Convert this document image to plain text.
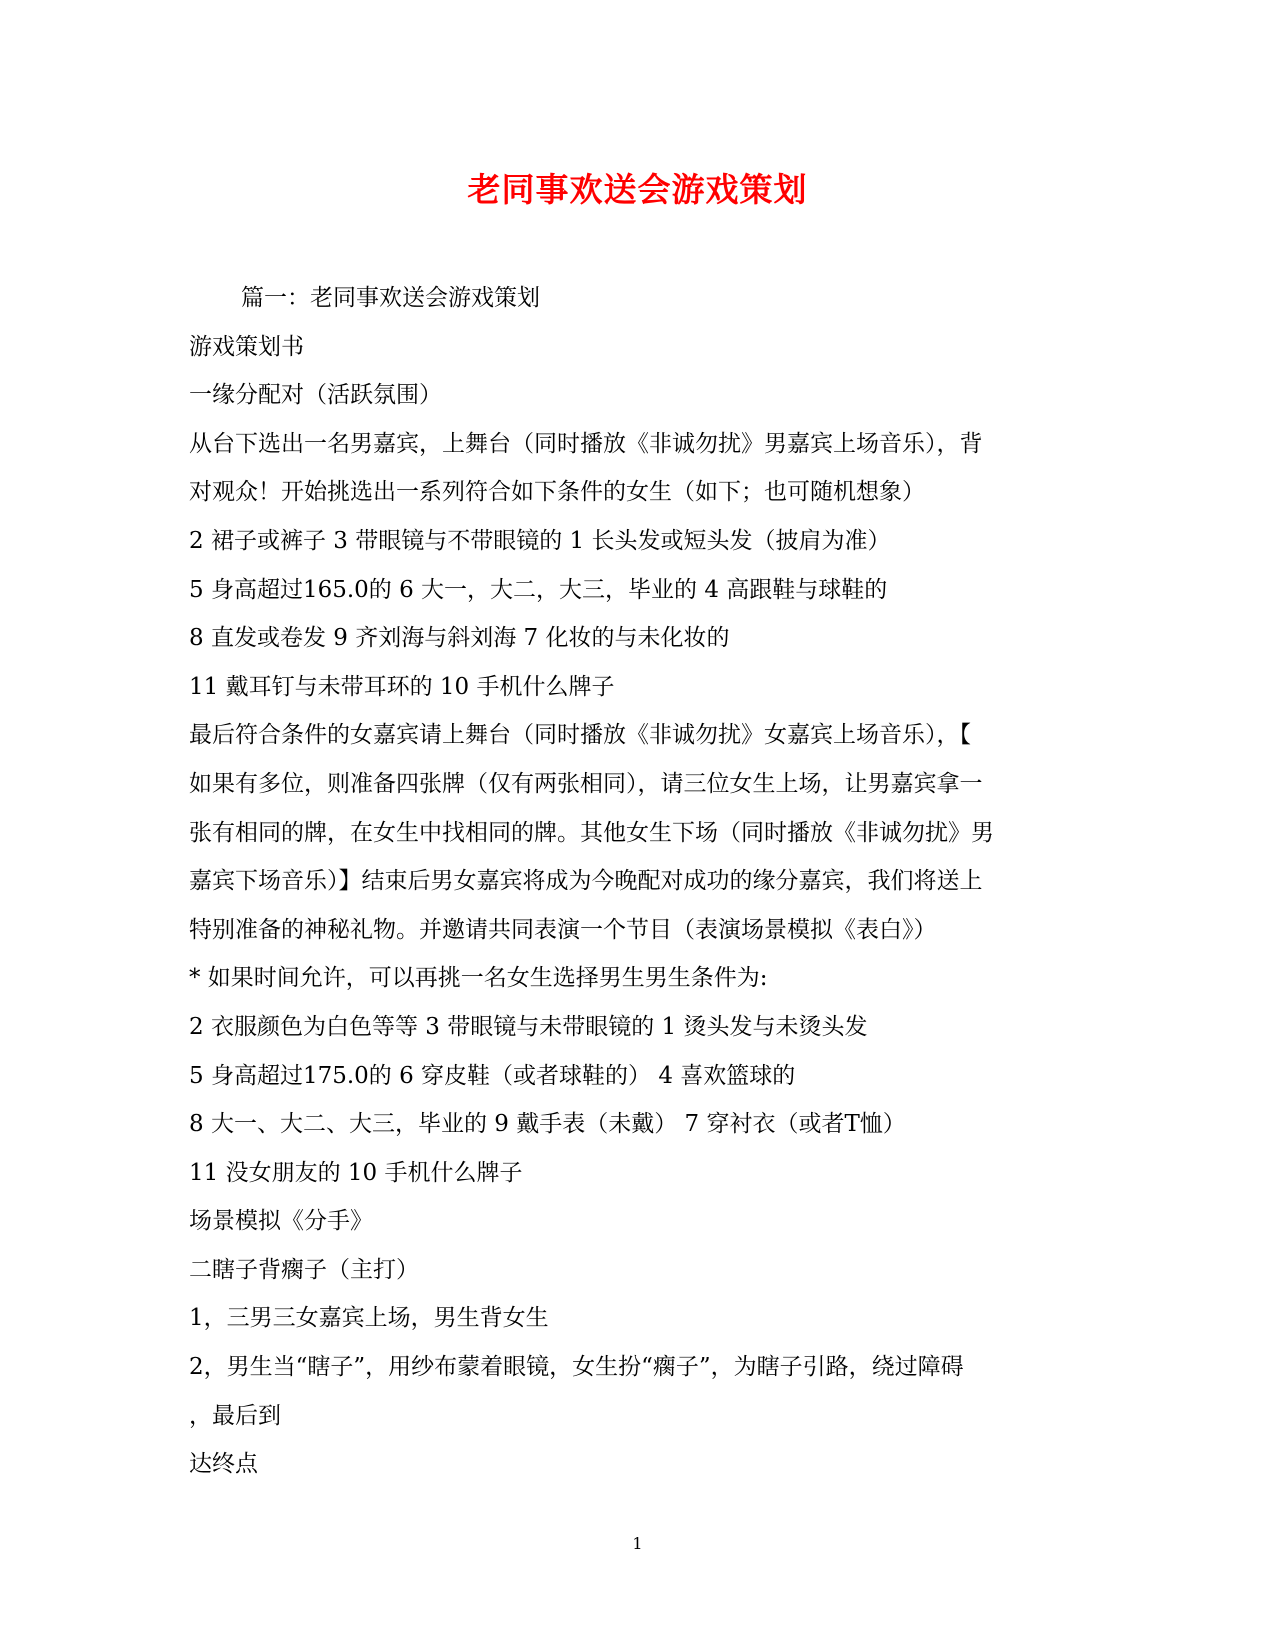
老同事欢送会游戏策划
篇一：老同事欢送会游戏策划
游戏策划书
一缘分配对（活跃氛围）
从台下选出一名男嘉宾，上舞台（同时播放《非诚勿扰》男嘉宾上场音乐），背
对观众！开始挑选出一系列符合如下条件的女生（如下；也可随机想象）
2 裙子或裤子 3 带眼镜与不带眼镜的 1 长头发或短头发（披肩为准）
5 身高超过165.0的 6 大一，大二，大三，毕业的 4 高跟鞋与球鞋的
8 直发或卷发 9 齐刘海与斜刘海 7 化妆的与未化妆的
11 戴耳钉与未带耳环的 10 手机什么牌子
最后符合条件的女嘉宾请上舞台（同时播放《非诚勿扰》女嘉宾上场音乐），【
如果有多位，则准备四张牌（仅有两张相同），请三位女生上场，让男嘉宾拿一
张有相同的牌，在女生中找相同的牌。其他女生下场（同时播放《非诚勿扰》男
嘉宾下场音乐）】结束后男女嘉宾将成为今晚配对成功的缘分嘉宾，我们将送上
特别准备的神秘礼物。并邀请共同表演一个节目（表演场景模拟《表白》）
* 如果时间允许，可以再挑一名女生选择男生男生条件为:
2 衣服颜色为白色等等 3 带眼镜与未带眼镜的 1 烫头发与未烫头发
5 身高超过175.0的 6 穿皮鞋（或者球鞋的） 4 喜欢篮球的
8 大一、大二、大三，毕业的 9 戴手表（未戴） 7 穿衬衣（或者T恤）
11 没女朋友的 10 手机什么牌子
场景模拟《分手》
二瞎子背瘸子（主打）
1，三男三女嘉宾上场，男生背女生
2，男生当“瞎子”，用纱布蒙着眼镜，女生扮“瘸子”，为瞎子引路，绕过障碍
，最后到
达终点
1
